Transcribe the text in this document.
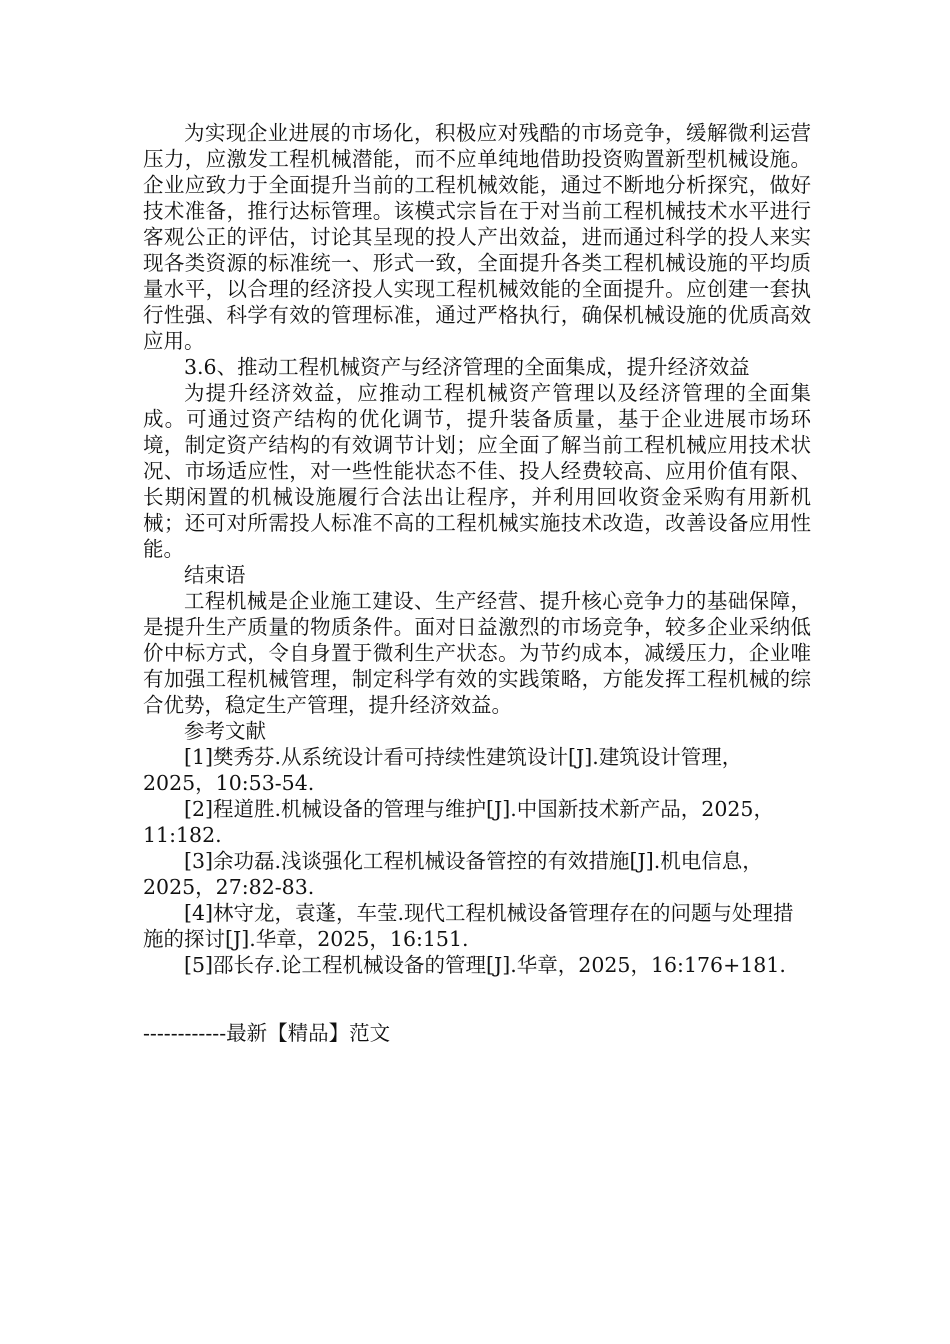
为实现企业进展的市场化，积极应对残酷的市场竞争，缓解微利运营压力，应激发工程机械潜能，而不应单纯地借助投资购置新型机械设施。企业应致力于全面提升当前的工程机械效能，通过不断地分析探究，做好技术准备，推行达标管理。该模式宗旨在于对当前工程机械技术水平进行客观公正的评估，讨论其呈现的投人产出效益，进而通过科学的投人来实现各类资源的标准统一、形式一致，全面提升各类工程机械设施的平均质量水平，以合理的经济投人实现工程机械效能的全面提升。应创建一套执行性强、科学有效的管理标准，通过严格执行，确保机械设施的优质高效应用。

3.6、推动工程机械资产与经济管理的全面集成，提升经济效益

为提升经济效益，应推动工程机械资产管理以及经济管理的全面集成。可通过资产结构的优化调节，提升装备质量，基于企业进展市场环境，制定资产结构的有效调节计划；应全面了解当前工程机械应用技术状况、市场适应性，对一些性能状态不佳、投人经费较高、应用价值有限、长期闲置的机械设施履行合法出让程序，并利用回收资金采购有用新机械；还可对所需投人标准不高的工程机械实施技术改造，改善设备应用性能。

结束语

工程机械是企业施工建设、生产经营、提升核心竞争力的基础保障，是提升生产质量的物质条件。面对日益激烈的市场竞争，较多企业采纳低价中标方式，令自身置于微利生产状态。为节约成本，减缓压力，企业唯有加强工程机械管理，制定科学有效的实践策略，方能发挥工程机械的综合优势，稳定生产管理，提升经济效益。

参考文献

[1]樊秀芬.从系统设计看可持续性建筑设计[J].建筑设计管理，2025，10:53-54.

[2]程道胜.机械设备的管理与维护[J].中国新技术新产品，2025，11:182.

[3]余功磊.浅谈强化工程机械设备管控的有效措施[J].机电信息，2025，27:82-83.

[4]林守龙，袁蓬，车莹.现代工程机械设备管理存在的问题与处理措施的探讨[J].华章，2025，16:151.

[5]邵长存.论工程机械设备的管理[J].华章，2025，16:176+181.

------------最新【精品】范文
